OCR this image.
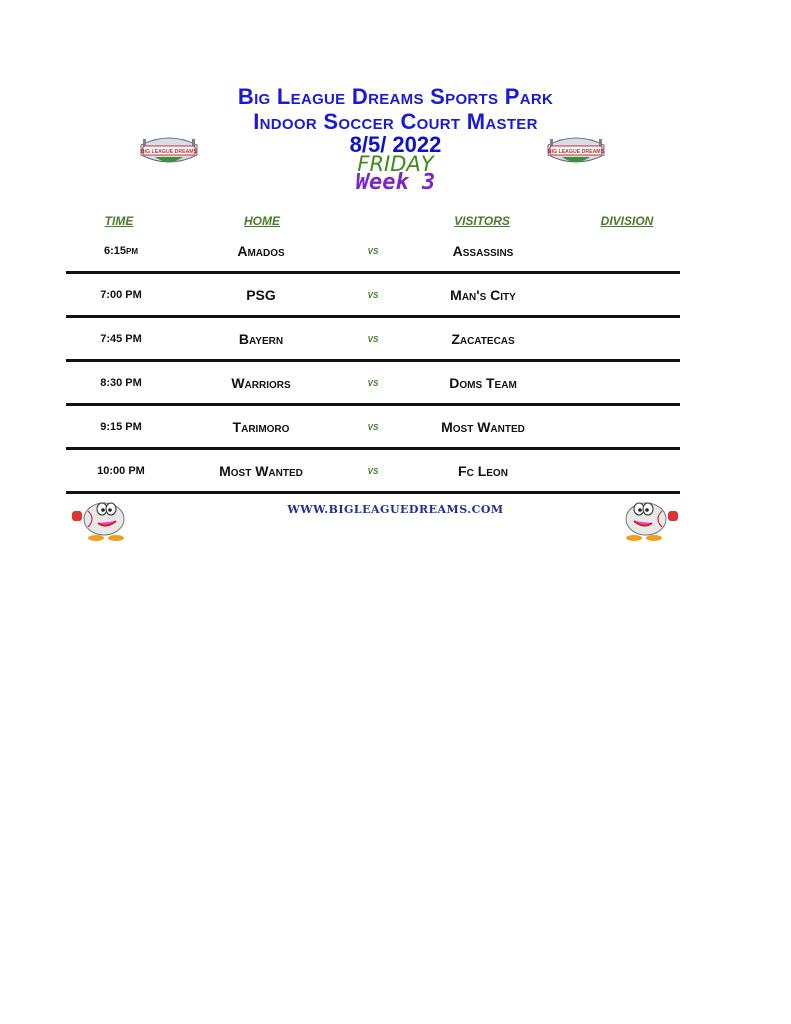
Big League Dreams Sports Park
Indoor Soccer Court Master
8/5/ 2022
FRIDAY
Week 3
BIG LEAGUE DREAMS	BIG LEAGUE DREAMS
TIME	HOME	VISITORS	DIVISION
6:15pm	Amados	vs	Assassins
7:00 PM	PSG	vs	Man's City
7:45 PM	Bayern	vs	Zacatecas
8:30 PM	Warriors	vs	Doms Team
9:15 PM	Tarimoro	vs	Most Wanted
10:00 PM	Most Wanted	vs	Fc Leon
WWW.BIGLEAGUEDREAMS.COM
